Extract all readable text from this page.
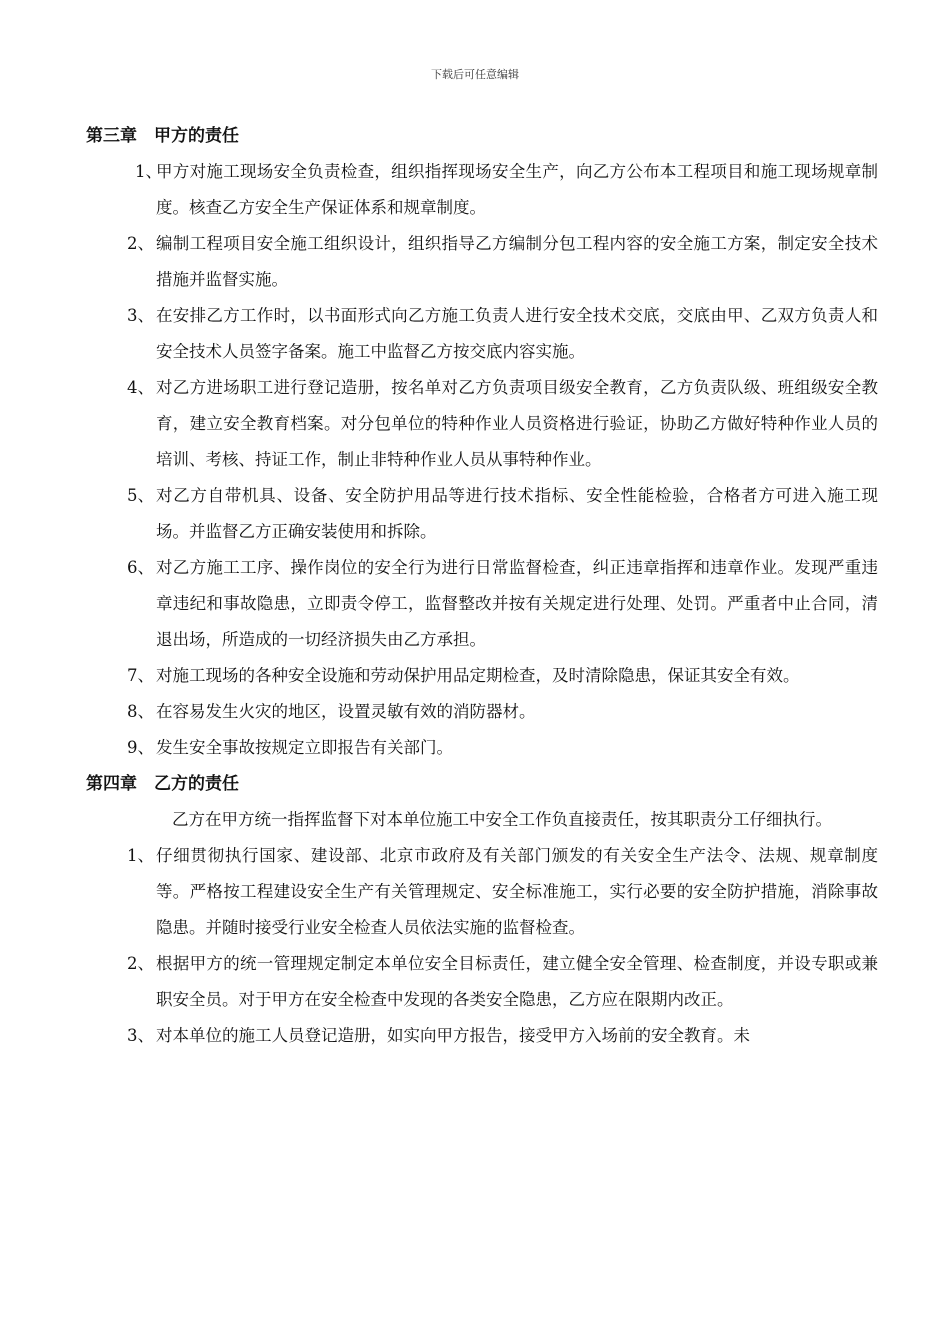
下载后可任意编辑

第三章　甲方的责任

1、
甲方对施工现场安全负责检查，组织指挥现场安全生产，向乙方公布本工程项目和施工现场规章制度。核查乙方安全生产保证体系和规章制度。

2、 编制工程项目安全施工组织设计，组织指导乙方编制分包工程内容的安全施工方案，制定安全技术措施并监督实施。

3、 在安排乙方工作时，以书面形式向乙方施工负责人进行安全技术交底，交底由甲、乙双方负责人和安全技术人员签字备案。施工中监督乙方按交底内容实施。

4、 对乙方进场职工进行登记造册，按名单对乙方负责项目级安全教育，乙方负责队级、班组级安全教育，建立安全教育档案。对分包单位的特种作业人员资格进行验证，协助乙方做好特种作业人员的培训、考核、持证工作，制止非特种作业人员从事特种作业。

5、 对乙方自带机具、设备、安全防护用品等进行技术指标、安全性能检验，合格者方可进入施工现场。并监督乙方正确安装使用和拆除。

6、 对乙方施工工序、操作岗位的安全行为进行日常监督检查，纠正违章指挥和违章作业。发现严重违章违纪和事故隐患，立即责令停工，监督整改并按有关规定进行处理、处罚。严重者中止合同，清退出场，所造成的一切经济损失由乙方承担。

7、 对施工现场的各种安全设施和劳动保护用品定期检查，及时清除隐患，保证其安全有效。

8、 在容易发生火灾的地区，设置灵敏有效的消防器材。

9、 发生安全事故按规定立即报告有关部门。

第四章　乙方的责任

乙方在甲方统一指挥监督下对本单位施工中安全工作负直接责任，按其职责分工仔细执行。

1、 仔细贯彻执行国家、建设部、北京市政府及有关部门颁发的有关安全生产法令、法规、规章制度等。严格按工程建设安全生产有关管理规定、安全标准施工，实行必要的安全防护措施，消除事故隐患。并随时接受行业安全检查人员依法实施的监督检查。

2、 根据甲方的统一管理规定制定本单位安全目标责任，建立健全安全管理、检查制度，并设专职或兼职安全员。对于甲方在安全检查中发现的各类安全隐患，乙方应在限期内改正。

3、 对本单位的施工人员登记造册，如实向甲方报告，接受甲方入场前的安全教育。未
